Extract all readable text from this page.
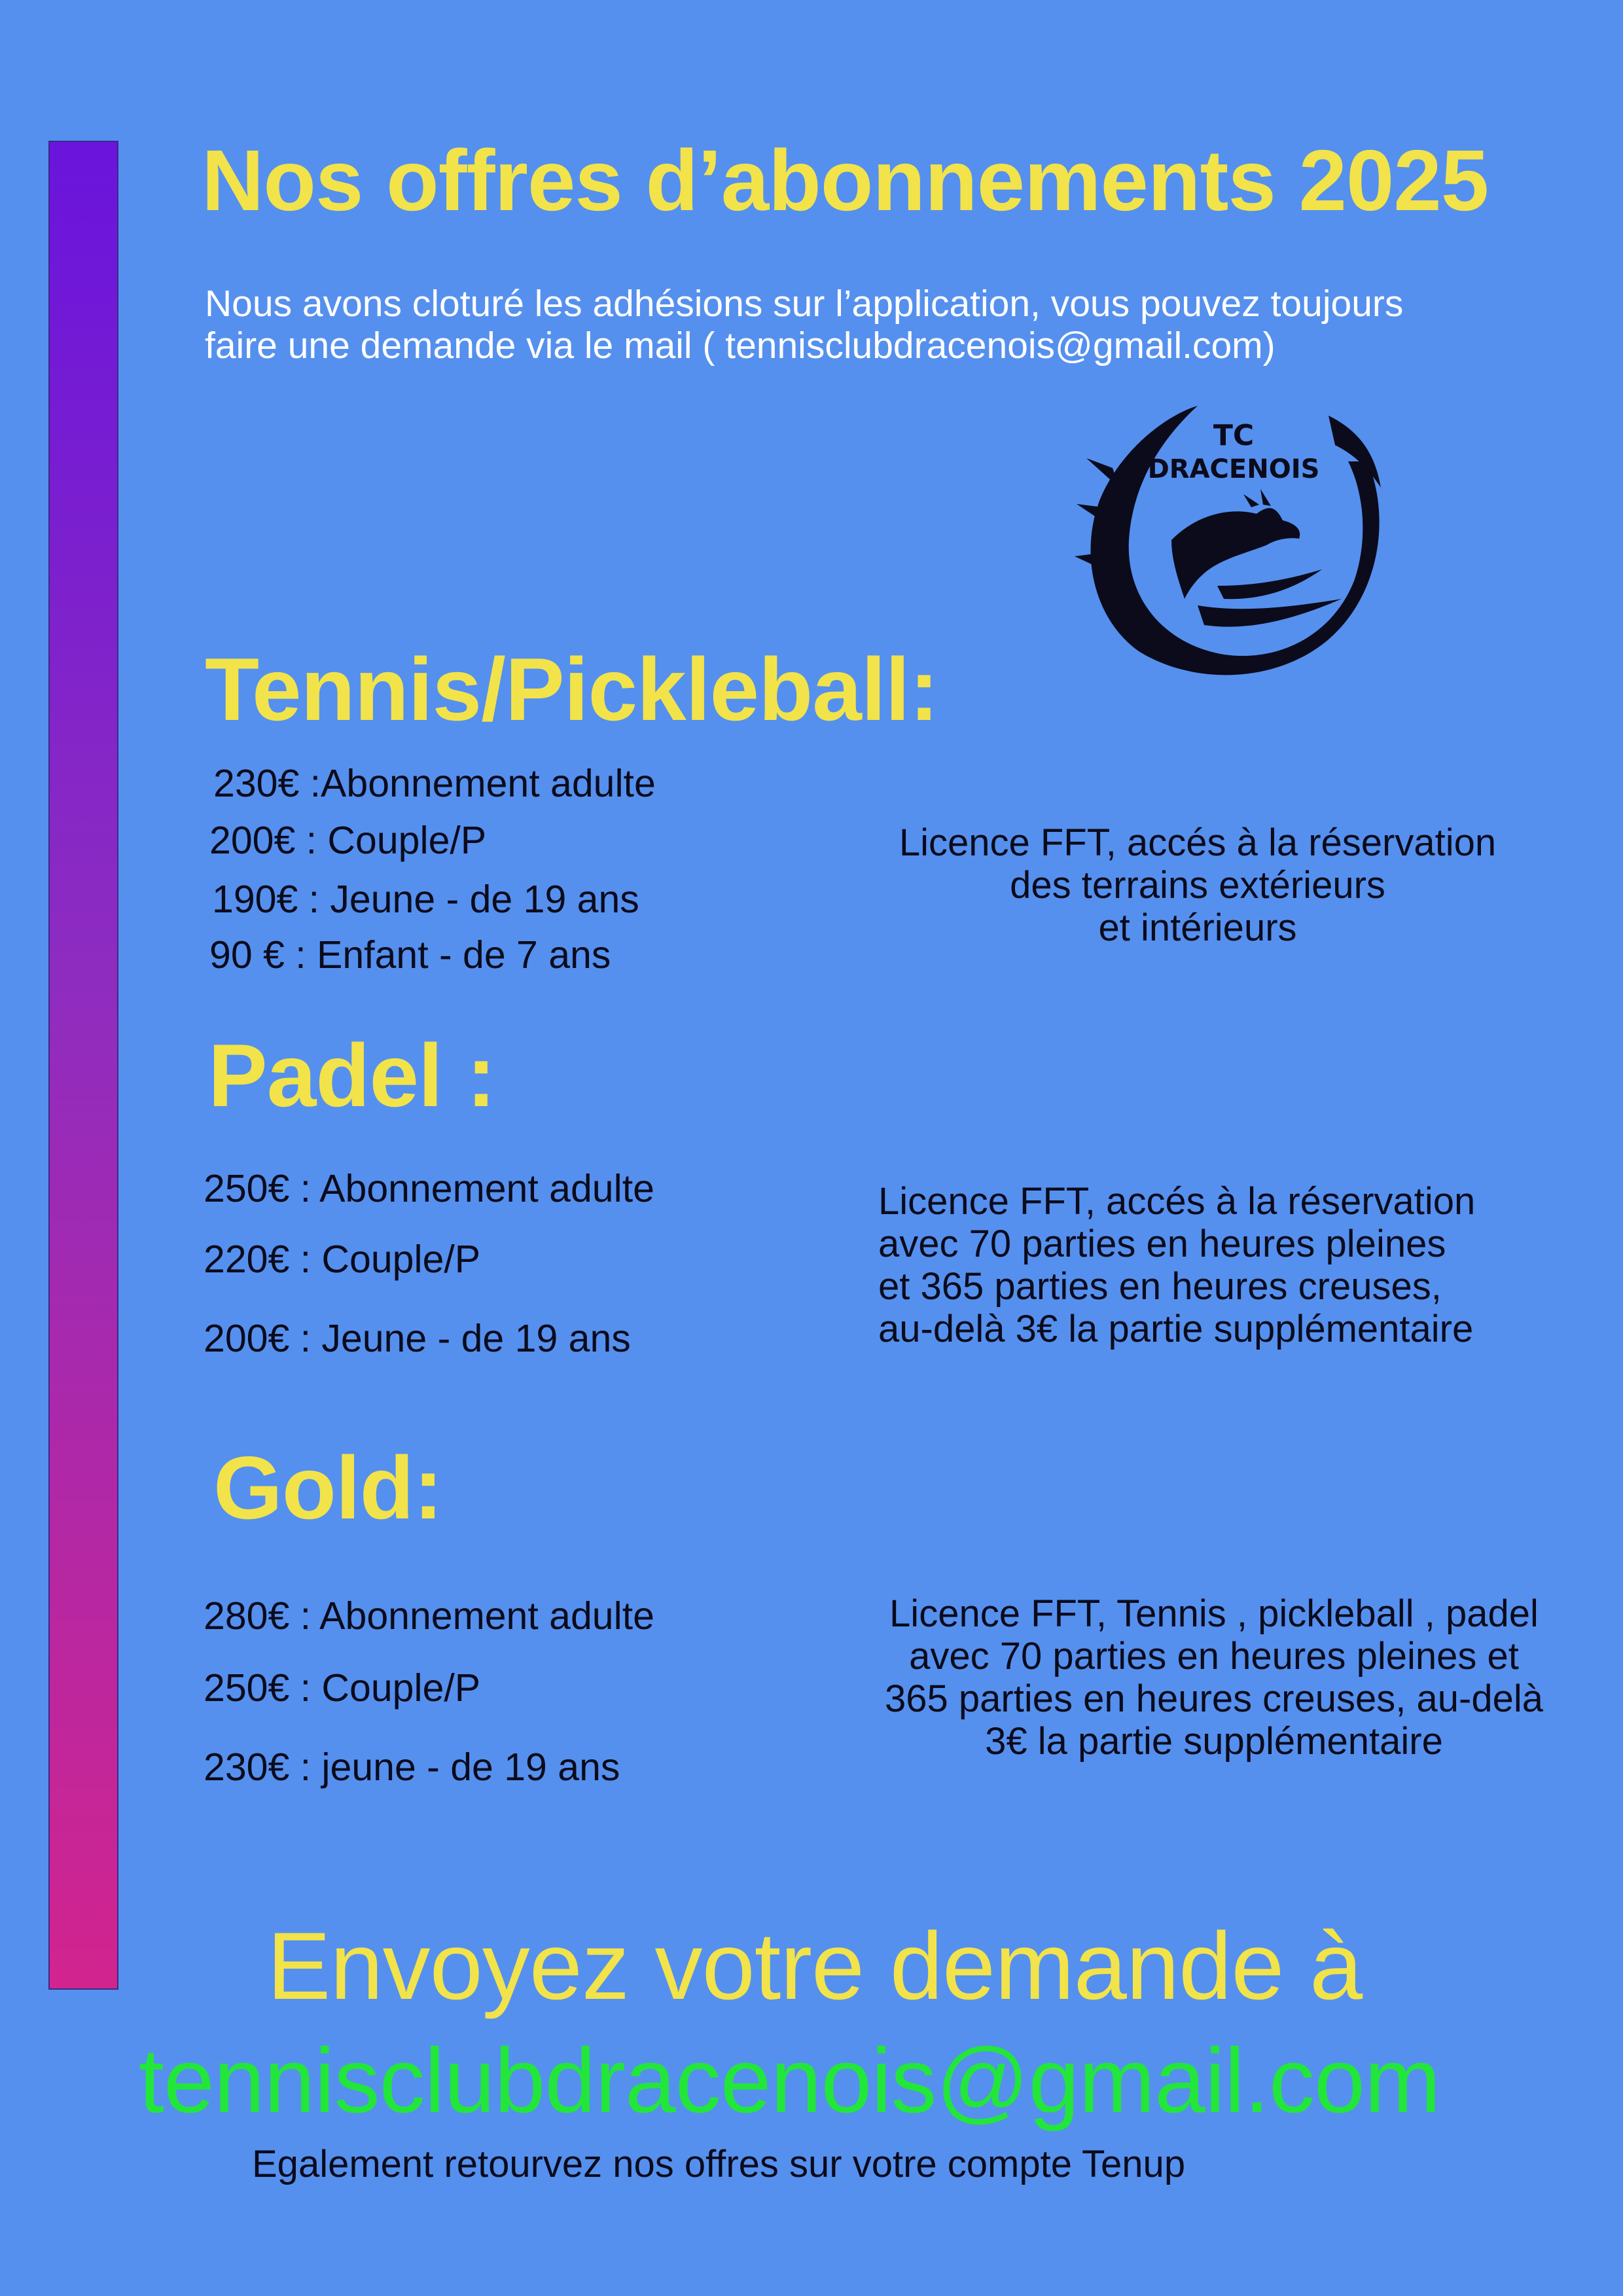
Nos offres d’abonnements 2025
Nous avons cloturé les adhésions sur l’application, vous pouvez toujours
faire une demande via le mail ( tennisclubdracenois@gmail.com)
TC
DRACENOIS
Tennis/Pickleball:
230€ :Abonnement adulte
200€ : Couple/P
190€ : Jeune - de 19 ans
90 € : Enfant - de 7 ans
Licence FFT, accés à la réservation
des terrains extérieurs
et intérieurs
Padel :
250€ : Abonnement adulte
220€ : Couple/P
200€ : Jeune - de 19 ans
Licence FFT, accés à la réservation
avec 70 parties en heures pleines
et 365 parties en heures creuses,
au-delà 3€ la partie supplémentaire
Gold:
280€ : Abonnement adulte
250€ : Couple/P
230€ : jeune - de 19 ans
Licence FFT, Tennis , pickleball , padel
avec 70 parties en heures pleines et
365 parties en heures creuses, au-delà
3€ la partie supplémentaire
Envoyez votre demande à
tennisclubdracenois@gmail.com
Egalement retourvez nos offres sur votre compte Tenup
